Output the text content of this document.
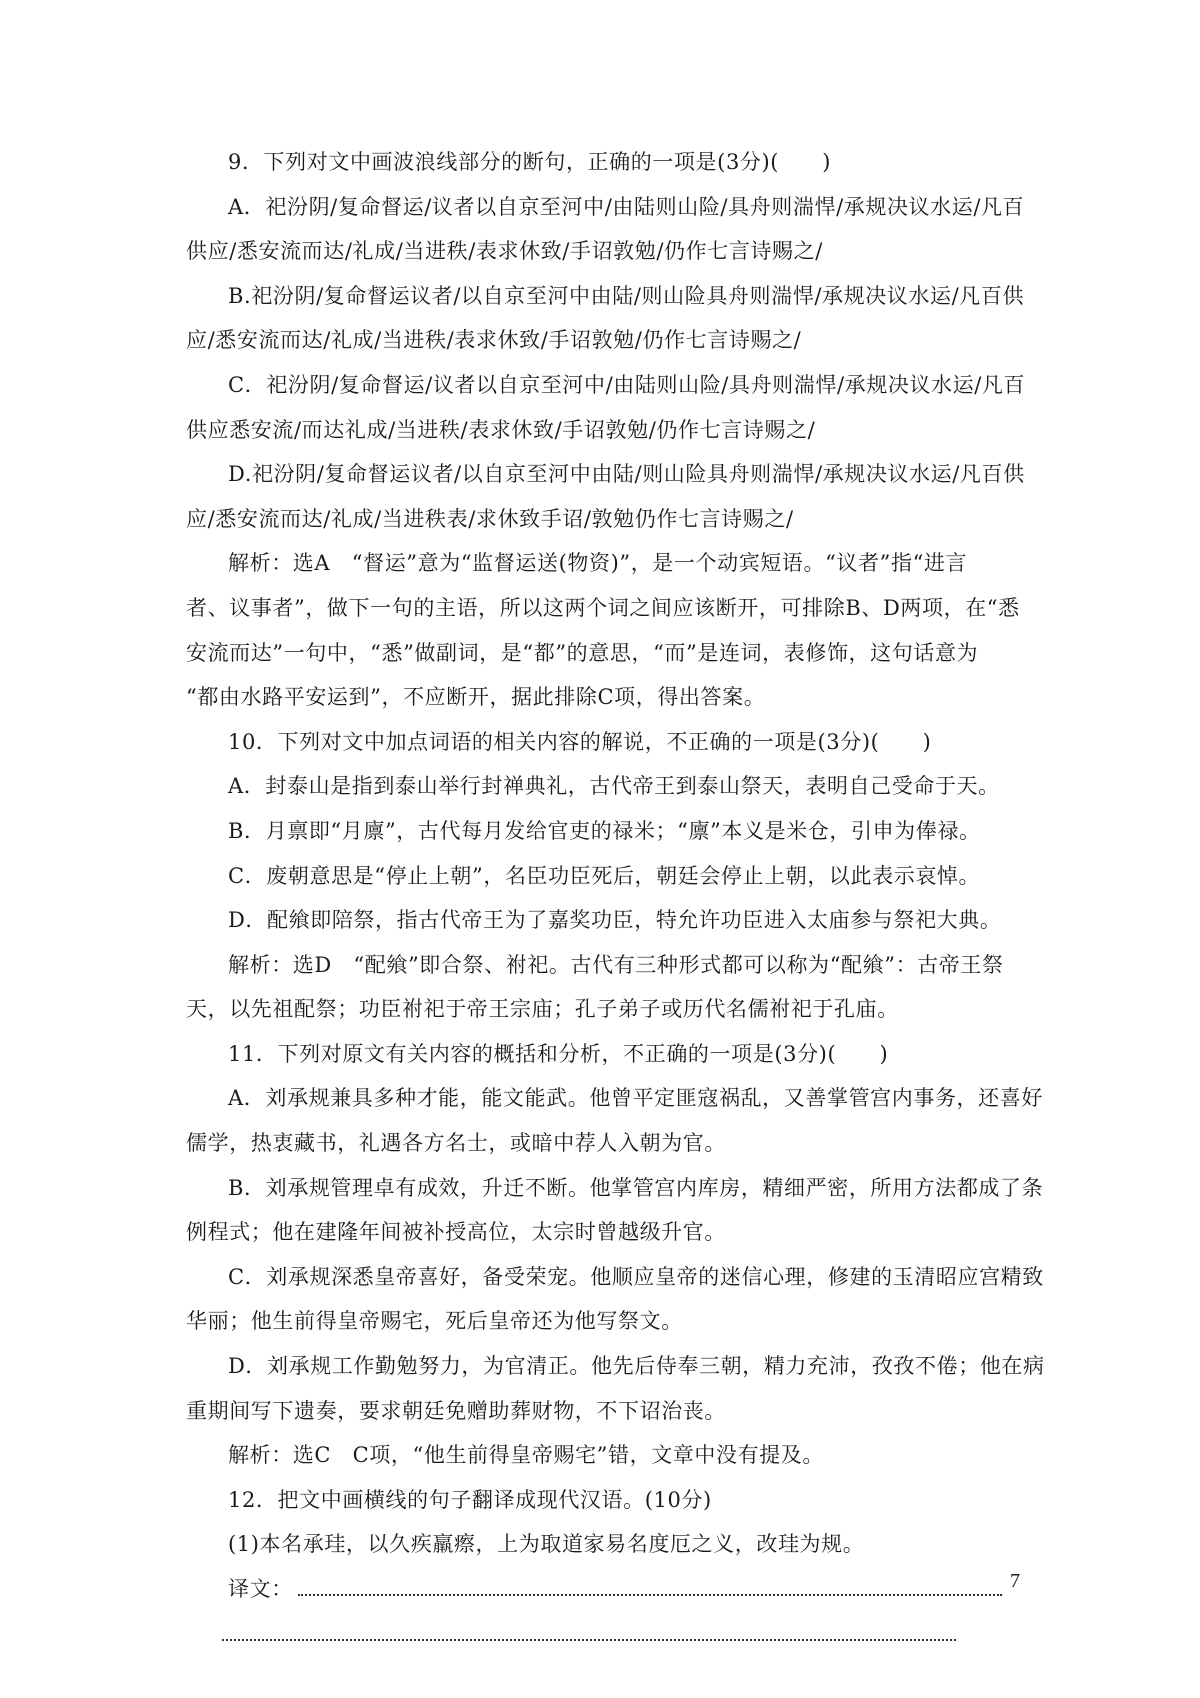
9．下列对文中画波浪线部分的断句，正确的一项是(3分)(　　)
A．祀汾阴/复命督运/议者以自京至河中/由陆则山险/具舟则湍悍/承规决议水运/凡百
供应/悉安流而达/礼成/当进秩/表求休致/手诏敦勉/仍作七言诗赐之/
B.祀汾阴/复命督运议者/以自京至河中由陆/则山险具舟则湍悍/承规决议水运/凡百供
应/悉安流而达/礼成/当进秩/表求休致/手诏敦勉/仍作七言诗赐之/
C．祀汾阴/复命督运/议者以自京至河中/由陆则山险/具舟则湍悍/承规决议水运/凡百
供应悉安流/而达礼成/当进秩/表求休致/手诏敦勉/仍作七言诗赐之/
D.祀汾阴/复命督运议者/以自京至河中由陆/则山险具舟则湍悍/承规决议水运/凡百供
应/悉安流而达/礼成/当进秩表/求休致手诏/敦勉仍作七言诗赐之/
解析：选A　“督运”意为“监督运送(物资)”，是一个动宾短语。“议者”指“进言
者、议事者”，做下一句的主语，所以这两个词之间应该断开，可排除B、D两项，在“悉
安流而达”一句中，“悉”做副词，是“都”的意思，“而”是连词，表修饰，这句话意为
“都由水路平安运到”，不应断开，据此排除C项，得出答案。
10．下列对文中加点词语的相关内容的解说，不正确的一项是(3分)(　　)
A．封泰山是指到泰山举行封禅典礼，古代帝王到泰山祭天，表明自己受命于天。
B．月禀即“月廪”，古代每月发给官吏的禄米；“廪”本义是米仓，引申为俸禄。
C．废朝意思是“停止上朝”，名臣功臣死后，朝廷会停止上朝，以此表示哀悼。
D．配飨即陪祭，指古代帝王为了嘉奖功臣，特允许功臣进入太庙参与祭祀大典。
解析：选D　“配飨”即合祭、祔祀。古代有三种形式都可以称为“配飨”：古帝王祭
天，以先祖配祭；功臣祔祀于帝王宗庙；孔子弟子或历代名儒祔祀于孔庙。
11．下列对原文有关内容的概括和分析，不正确的一项是(3分)(　　)
A．刘承规兼具多种才能，能文能武。他曾平定匪寇祸乱，又善掌管宫内事务，还喜好
儒学，热衷藏书，礼遇各方名士，或暗中荐人入朝为官。
B．刘承规管理卓有成效，升迁不断。他掌管宫内库房，精细严密，所用方法都成了条
例程式；他在建隆年间被补授高位，太宗时曾越级升官。
C．刘承规深悉皇帝喜好，备受荣宠。他顺应皇帝的迷信心理，修建的玉清昭应宫精致
华丽；他生前得皇帝赐宅，死后皇帝还为他写祭文。
D．刘承规工作勤勉努力，为官清正。他先后侍奉三朝，精力充沛，孜孜不倦；他在病
重期间写下遗奏，要求朝廷免赠助葬财物，不下诏治丧。
解析：选C　C项，“他生前得皇帝赐宅”错，文章中没有提及。
12．把文中画横线的句子翻译成现代汉语。(10分)
(1)本名承珪，以久疾羸瘵，上为取道家易名度厄之义，改珪为规。
译文：	7
